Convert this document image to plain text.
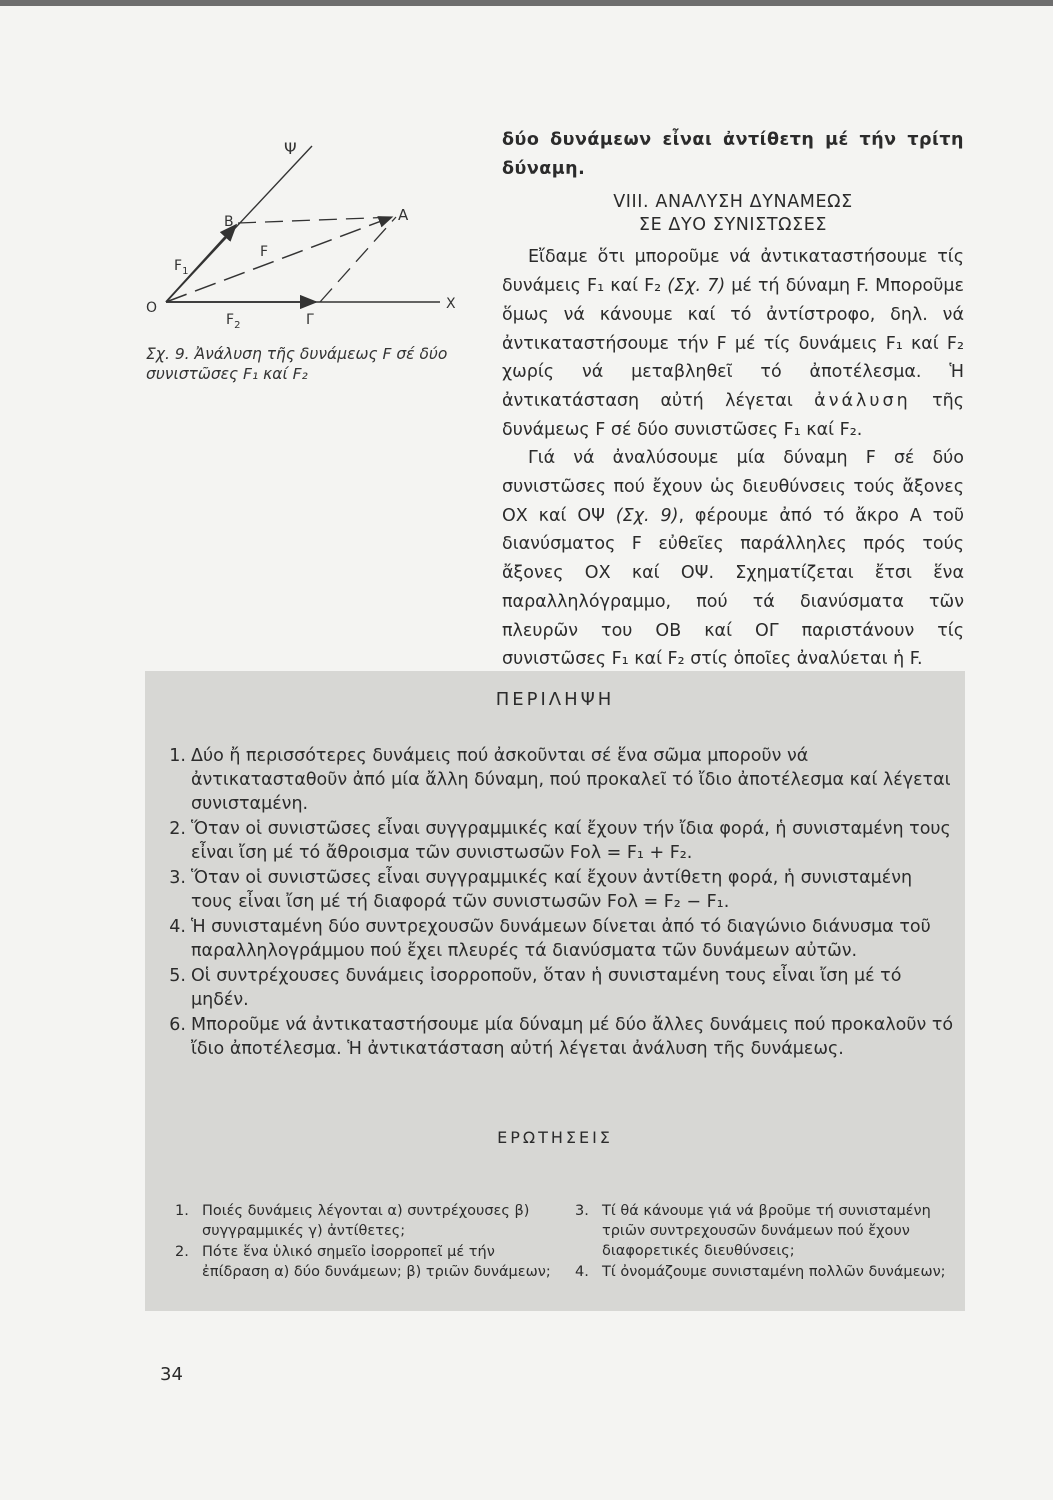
Ψ
B	A
F
$F_1$
O
$F_2$	Γ
X
Σχ. 9. Ἀνάλυση τῆς δυνάμεως F σέ δύο συνιστῶσες F₁ καί F₂

δύο δυνάμεων εἶναι ἀντίθετη μέ τήν τρίτη δύναμη.

VIII. ΑΝΑΛΥΣΗ ΔΥΝΑΜΕΩΣ
ΣΕ ΔΥΟ ΣΥΝΙΣΤΩΣΕΣ

Εἴδαμε ὅτι μποροῦμε νά ἀντικαταστήσουμε τίς δυνάμεις F₁ καί F₂ (Σχ. 7) μέ τή δύναμη F. Μποροῦμε ὅμως νά κάνουμε καί τό ἀντίστροφο, δηλ. νά ἀντικαταστήσουμε τήν F μέ τίς δυνάμεις F₁ καί F₂ χωρίς νά μεταβληθεῖ τό ἀποτέλεσμα. Ἡ ἀντικατάσταση αὐτή λέγεται ἀνάλυση τῆς δυνάμεως F σέ δύο συνιστῶσες F₁ καί F₂.

Γιά νά ἀναλύσουμε μία δύναμη F σέ δύο συνιστῶσες πού ἔχουν ὡς διευθύνσεις τούς ἄξονες ΟΧ καί ΟΨ (Σχ. 9), φέρουμε ἀπό τό ἄκρο Α τοῦ διανύσματος F εὐθεῖες παράλληλες πρός τούς ἄξονες ΟΧ καί ΟΨ. Σχηματίζεται ἔτσι ἕνα παραλληλόγραμμο, πού τά διανύσματα τῶν πλευρῶν του ΟΒ καί ΟΓ παριστάνουν τίς συνιστῶσες F₁ καί F₂ στίς ὁποῖες ἀναλύεται ἡ F.

ΠΕΡΙΛΗΨΗ
1. Δύο ἤ περισσότερες δυνάμεις πού ἀσκοῦνται σέ ἕνα σῶμα μποροῦν νά ἀντικατασταθοῦν ἀπό μία ἄλλη δύναμη, πού προκαλεῖ τό ἴδιο ἀποτέλεσμα καί λέγεται συνισταμένη.
2. Ὅταν οἱ συνιστῶσες εἶναι συγγραμμικές καί ἔχουν τήν ἴδια φορά, ἡ συνισταμένη τους εἶναι ἴση μέ τό ἄθροισμα τῶν συνιστωσῶν Fολ = F₁ + F₂.
3. Ὅταν οἱ συνιστῶσες εἶναι συγγραμμικές καί ἔχουν ἀντίθετη φορά, ἡ συνισταμένη τους εἶναι ἴση μέ τή διαφορά τῶν συνιστωσῶν Fολ = F₂ − F₁.
4. Ἡ συνισταμένη δύο συντρεχουσῶν δυνάμεων δίνεται ἀπό τό διαγώνιο διάνυσμα τοῦ παραλληλογράμμου πού ἔχει πλευρές τά διανύσματα τῶν δυνάμεων αὐτῶν.
5. Οἱ συντρέχουσες δυνάμεις ἰσορροποῦν, ὅταν ἡ συνισταμένη τους εἶναι ἴση μέ τό μηδέν.
6. Μποροῦμε νά ἀντικαταστήσουμε μία δύναμη μέ δύο ἄλλες δυνάμεις πού προκαλοῦν τό ἴδιο ἀποτέλεσμα. Ἡ ἀντικατάσταση αὐτή λέγεται ἀνάλυση τῆς δυνάμεως.
ΕΡΩΤΗΣΕΙΣ
1. Ποιές δυνάμεις λέγονται α) συντρέχουσες β) συγγραμμικές γ) ἀντίθετες;
2. Πότε ἕνα ὑλικό σημεῖο ἰσορροπεῖ μέ τήν ἐπίδραση α) δύο δυνάμεων; β) τριῶν δυνάμεων;
3. Τί θά κάνουμε γιά νά βροῦμε τή συνισταμένη τριῶν συντρεχουσῶν δυνάμεων πού ἔχουν διαφορετικές διευθύνσεις;
4. Τί ὀνομάζουμε συνισταμένη πολλῶν δυνάμεων;
34
